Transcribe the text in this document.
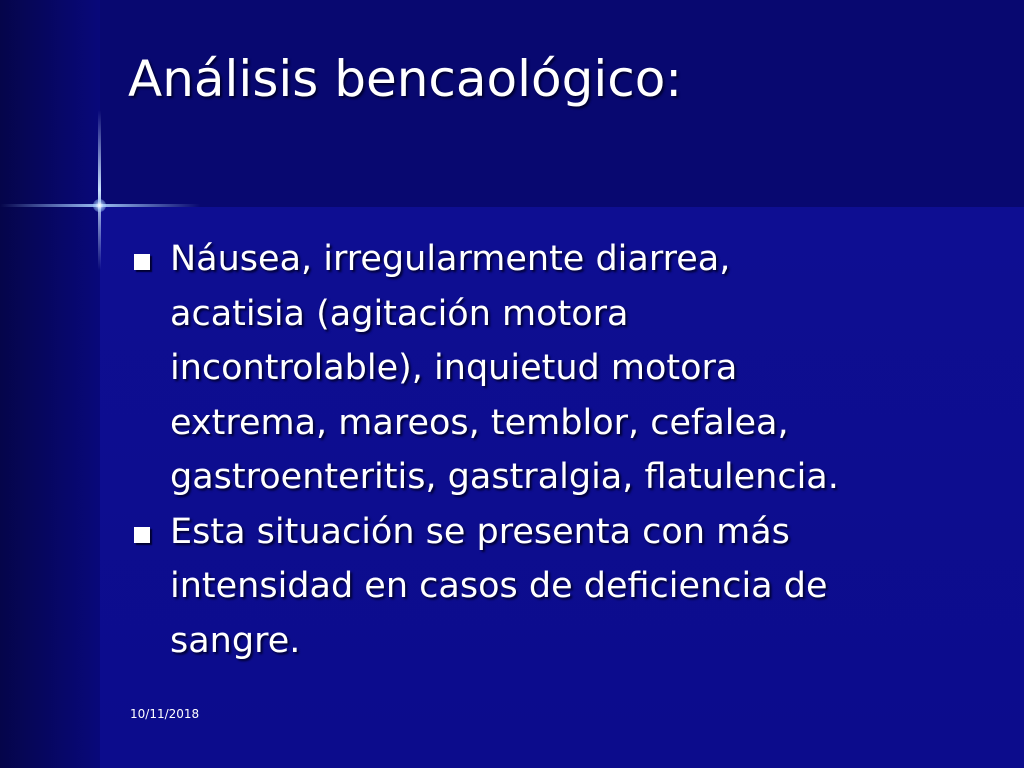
Análisis bencaológico:
Náusea, irregularmente diarrea,
acatisia (agitación motora
incontrolable), inquietud motora
extrema, mareos, temblor, cefalea,
gastroenteritis, gastralgia, flatulencia.
Esta situación se presenta con más
intensidad en casos de deficiencia de
sangre.
10/11/2018
